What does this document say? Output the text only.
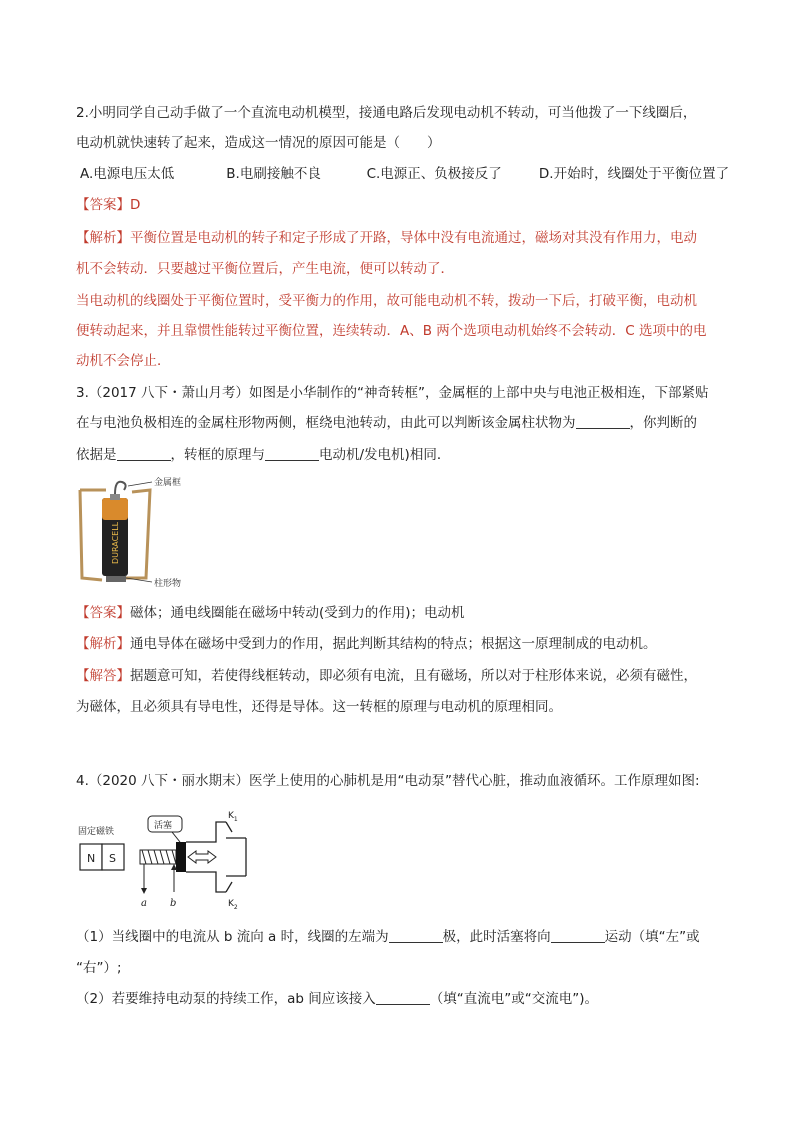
2.小明同学自己动手做了一个直流电动机模型，接通电路后发现电动机不转动，可当他拨了一下线圈后，
电动机就快速转了起来，造成这一情况的原因可能是（　　）
A.电源电压太低	B.电刷接触不良	C.电源正、负极接反了	D.开始时，线圈处于平衡位置了
【答案】D
【解析】平衡位置是电动机的转子和定子形成了开路，导体中没有电流通过，磁场对其没有作用力，电动
机不会转动．只要越过平衡位置后，产生电流，便可以转动了．
当电动机的线圈处于平衡位置时，受平衡力的作用，故可能电动机不转，拨动一下后，打破平衡，电动机
便转动起来，并且靠惯性能转过平衡位置，连续转动．A、B 两个选项电动机始终不会转动．C 选项中的电
动机不会停止．
3.（2017 八下・萧山月考）如图是小华制作的“神奇转框”，金属框的上部中央与电池正极相连，下部紧贴
在与电池负极相连的金属柱形物两侧，框绕电池转动，由此可以判断该金属柱状物为	，你判断的
依据是	，转框的原理与	电动机/发电机)相同．
DURACELL
金属框
柱形物
【答案】磁体；通电线圈能在磁场中转动(受到力的作用)；电动机
【解析】通电导体在磁场中受到力的作用，据此判断其结构的特点；根据这一原理制成的电动机。
【解答】据题意可知，若使得线框转动，即必须有电流，且有磁场，所以对于柱形体来说，必须有磁性，
为磁体，且必须具有导电性，还得是导体。这一转框的原理与电动机的原理相同。
4.（2020 八下・丽水期末）医学上使用的心肺机是用“电动泵”替代心脏，推动血液循环。工作原理如图:
固定磁铁
N S
活塞
$K_1$
$K_2$
a b
（1）当线圈中的电流从 b 流向 a 时，线圈的左端为	极，此时活塞将向	运动（填“左”或
“右”）;
（2）若要维持电动泵的持续工作，ab 间应该接入	（填“直流电”或“交流电”)。
